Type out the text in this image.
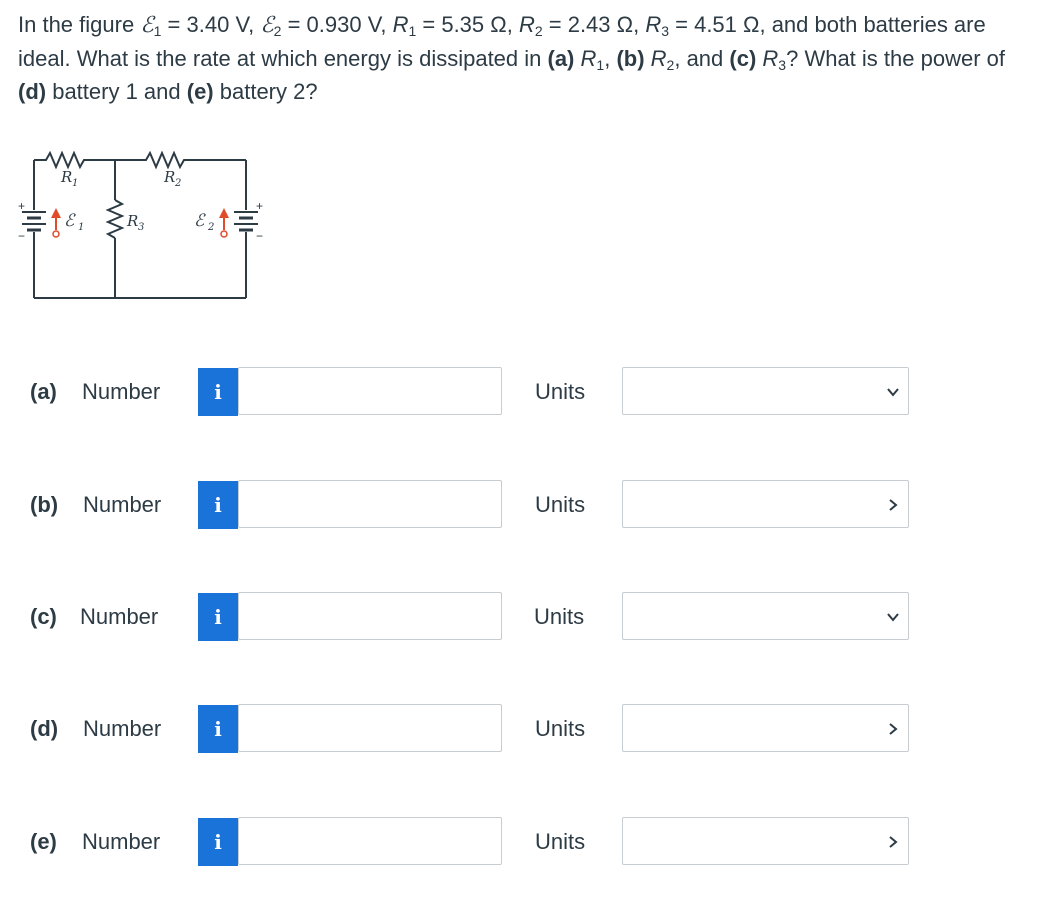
In the figure ℰ$_1$ = 3.40 V, ℰ$_2$ = 0.930 V, $R_1 = 5.35$ Ω, $R_2 = 2.43$ Ω, $R_3 = 4.51$ Ω, and both batteries are ideal. What is the rate at which energy is dissipated in (a) $R_1$, (b) $R_2$, and (c) $R_3$? What is the power of (d) battery 1 and (e) battery 2?
R 1	R 2
R 3
ℰ 1	ℰ 2
+
−
+
−
(a) Number	i	Units
(b) Number	i	Units
(c) Number	i	Units
(d) Number	i	Units
(e) Number	i	Units
